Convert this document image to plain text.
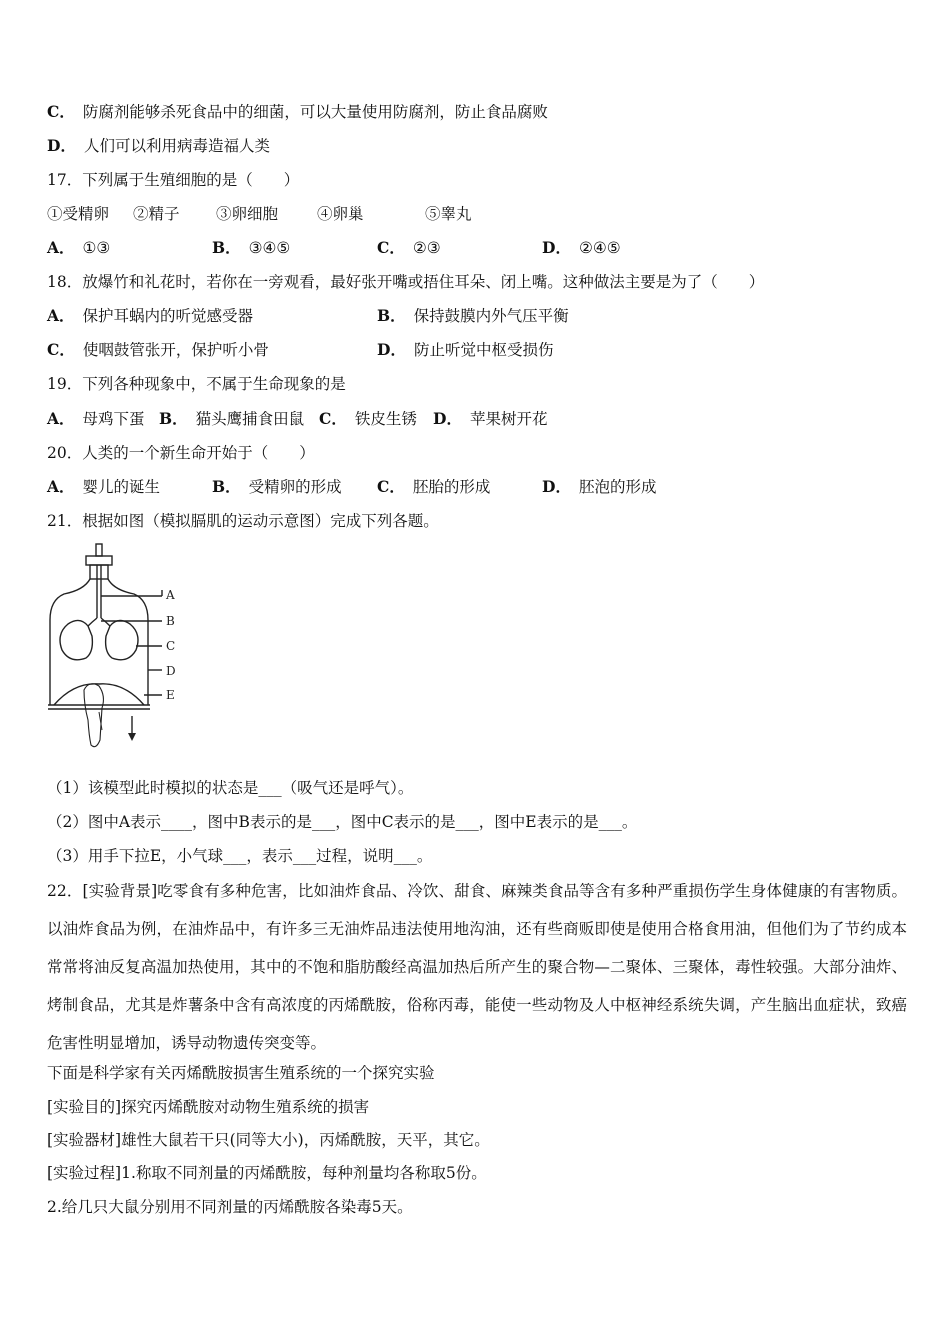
C． 防腐剂能够杀死食品中的细菌，可以大量使用防腐剂，防止食品腐败
D． 人们可以利用病毒造福人类
17．下列属于生殖细胞的是（　　）
①受精卵 ②精子 ③卵细胞	④卵巢	⑤睾丸
A． ①③	B． ③④⑤	C． ②③	D． ②④⑤
18．放爆竹和礼花时，若你在一旁观看，最好张开嘴或捂住耳朵、闭上嘴。这种做法主要是为了（　　）
A． 保护耳蜗内的听觉感受器	B． 保持鼓膜内外气压平衡
C． 使咽鼓管张开，保护听小骨	D． 防止听觉中枢受损伤
19．下列各种现象中，不属于生命现象的是
A． 母鸡下蛋 B． 猫头鹰捕食田鼠 C． 铁皮生锈 D． 苹果树开花
20．人类的一个新生命开始于（　　）
A． 婴儿的诞生	B． 受精卵的形成 C． 胚胎的形成	D． 胚泡的形成
21．根据如图（模拟膈肌的运动示意图）完成下列各题。
A
B
C
D
E
（1）该模型此时模拟的状态是___（吸气还是呼气）。
（2）图中A表示____，图中B表示的是___，图中C表示的是___，图中E表示的是___。
（3）用手下拉E，小气球___，表示___过程，说明___。
22．[实验背景]吃零食有多种危害，比如油炸食品、冷饮、甜食、麻辣类食品等含有多种严重损伤学生身体健康的有害物质。以油炸食品为例，在油炸品中，有许多三无油炸品违法使用地沟油，还有些商贩即使是使用合格食用油，但他们为了节约成本常常将油反复高温加热使用，其中的不饱和脂肪酸经高温加热后所产生的聚合物—二聚体、三聚体，毒性较强。大部分油炸、烤制食品，尤其是炸薯条中含有高浓度的丙烯酰胺，俗称丙毒，能使一些动物及人中枢神经系统失调，产生脑出血症状，致癌危害性明显增加，诱导动物遗传突变等。
下面是科学家有关丙烯酰胺损害生殖系统的一个探究实验
[实验目的]探究丙烯酰胺对动物生殖系统的损害
[实验器材]雄性大鼠若干只(同等大小)，丙烯酰胺，天平，其它。
[实验过程]1.称取不同剂量的丙烯酰胺，每种剂量均各称取5份。
2.给几只大鼠分别用不同剂量的丙烯酰胺各染毒5天。
